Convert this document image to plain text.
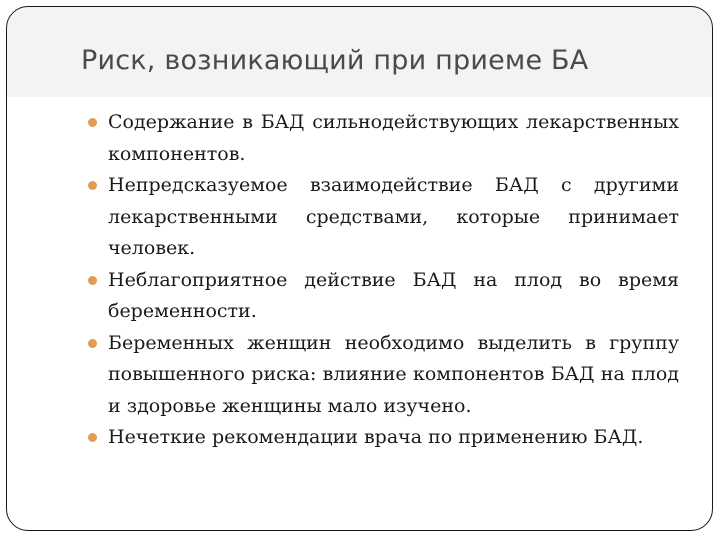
Риск, возникающий при приеме БА
Содержание в БАД сильнодействующих лекарственных компонентов.
Непредсказуемое взаимодействие БАД с другими лекарственными средствами, которые принимает человек.
Неблагоприятное действие БАД на плод во время беременности.
Беременных женщин необходимо выделить в группу повышенного риска: влияние компонентов БАД на плод и здоровье женщины мало изучено.
Нечеткие рекомендации врача по применению БАД.
